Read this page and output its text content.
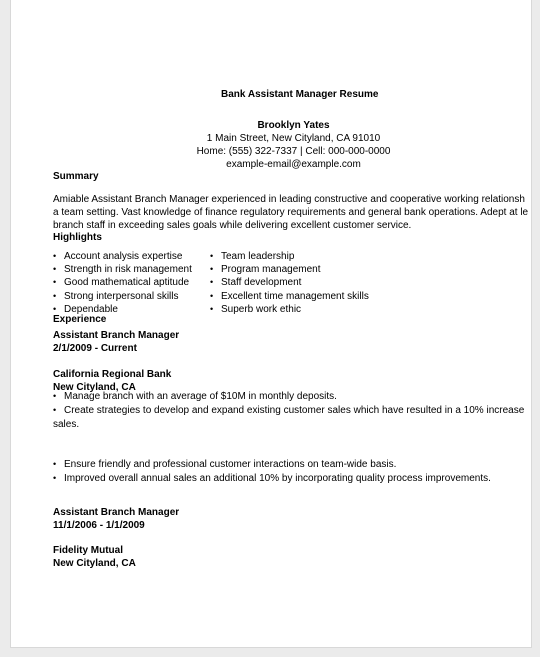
Bank Assistant Manager Resume
Brooklyn Yates
1 Main Street, New Cityland, CA 91010
Home: (555) 322-7337 | Cell: 000-000-0000
example-email@example.com
Summary
Amiable Assistant Branch Manager experienced in leading constructive and cooperative working relationsh
a team setting. Vast knowledge of finance regulatory requirements and general bank operations. Adept at le
branch staff in exceeding sales goals while delivering excellent customer service.
Highlights
• Account analysis expertise
• Strength in risk management
• Good mathematical aptitude
• Strong interpersonal skills
• Dependable
• Team leadership
• Program management
• Staff development
• Excellent time management skills
• Superb work ethic
Experience
Assistant Branch Manager
2/1/2009 - Current
California Regional Bank
New Cityland, CA
• Manage branch with an average of $10M in monthly deposits.
• Create strategies to develop and expand existing customer sales which have resulted in a 10% increase
sales.
• Ensure friendly and professional customer interactions on team-wide basis.
• Improved overall annual sales an additional 10% by incorporating quality process improvements.
Assistant Branch Manager
11/1/2006 - 1/1/2009
Fidelity Mutual
New Cityland, CA
